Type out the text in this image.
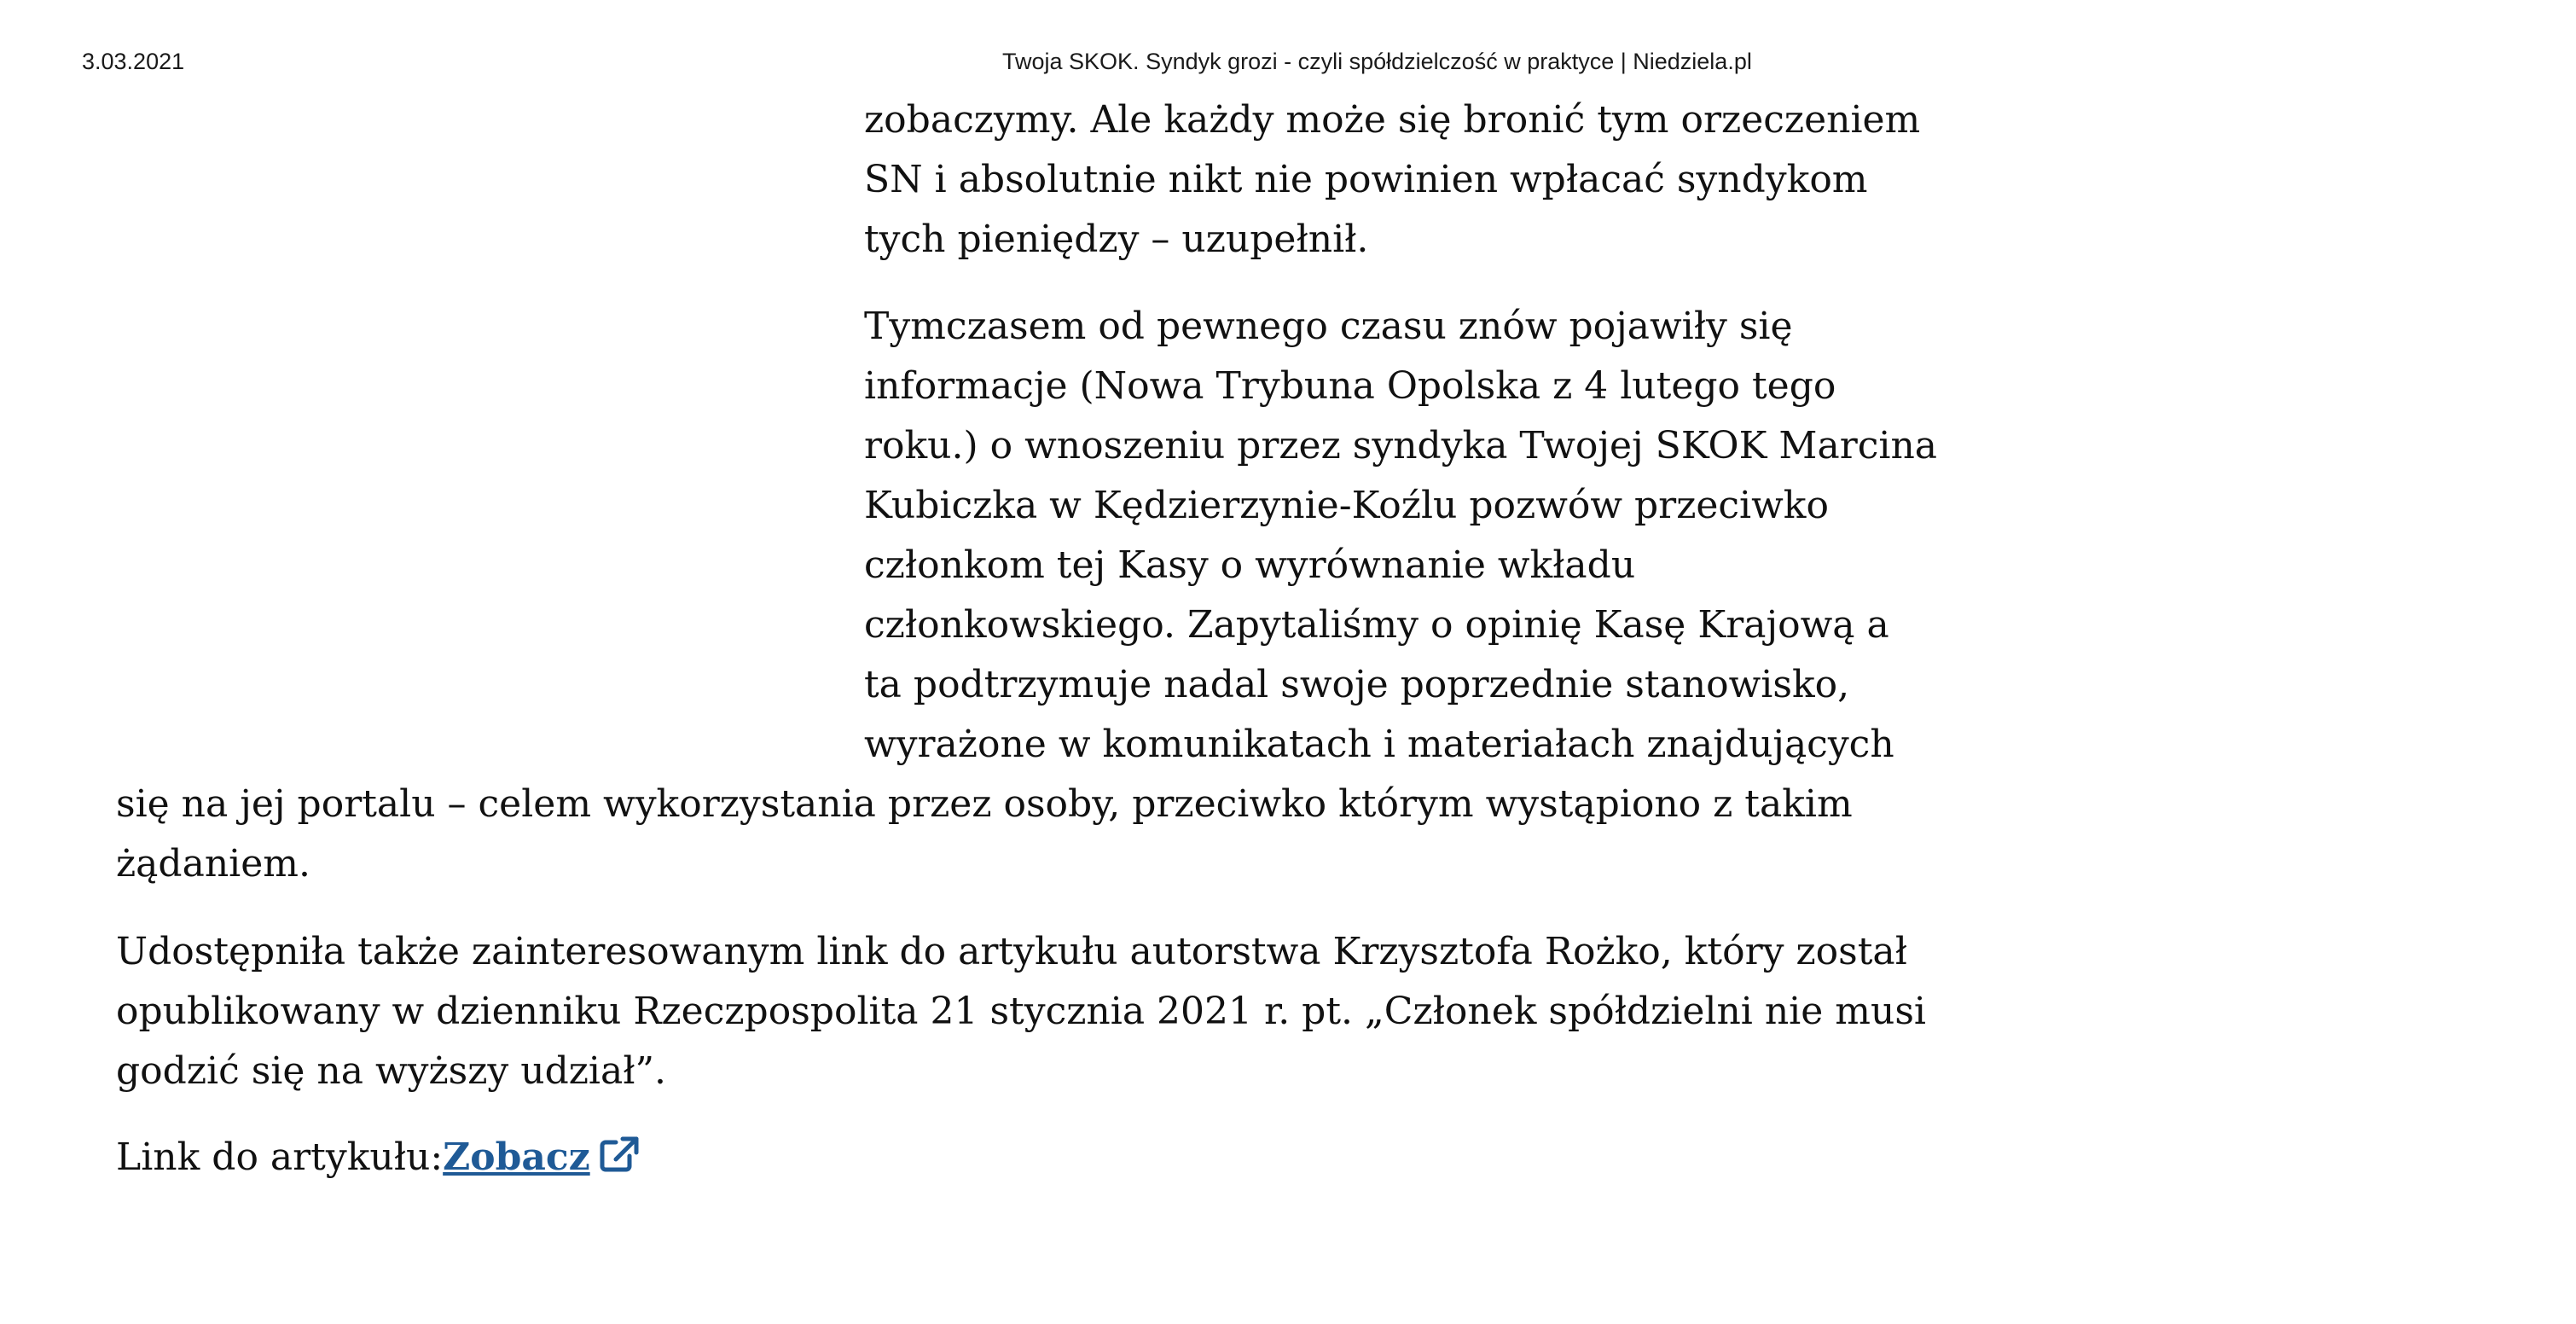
3.03.2021	Twoja SKOK. Syndyk grozi - czyli spółdzielczość w praktyce | Niedziela.pl
zobaczymy. Ale każdy może się bronić tym orzeczeniem
SN i absolutnie nikt nie powinien wpłacać syndykom
tych pieniędzy – uzupełnił.
Tymczasem od pewnego czasu znów pojawiły się
informacje (Nowa Trybuna Opolska z 4 lutego tego
roku.) o wnoszeniu przez syndyka Twojej SKOK Marcina
Kubiczka w Kędzierzynie-Koźlu pozwów przeciwko
członkom tej Kasy o wyrównanie wkładu
członkowskiego. Zapytaliśmy o opinię Kasę Krajową a
ta podtrzymuje nadal swoje poprzednie stanowisko,
wyrażone w komunikatach i materiałach znajdujących
się na jej portalu – celem wykorzystania przez osoby, przeciwko którym wystąpiono z takim
żądaniem.
Udostępniła także zainteresowanym link do artykułu autorstwa Krzysztofa Rożko, który został
opublikowany w dzienniku Rzeczpospolita 21 stycznia 2021 r. pt. „Członek spółdzielni nie musi
godzić się na wyższy udział”.
Link do artykułu:Zobacz
